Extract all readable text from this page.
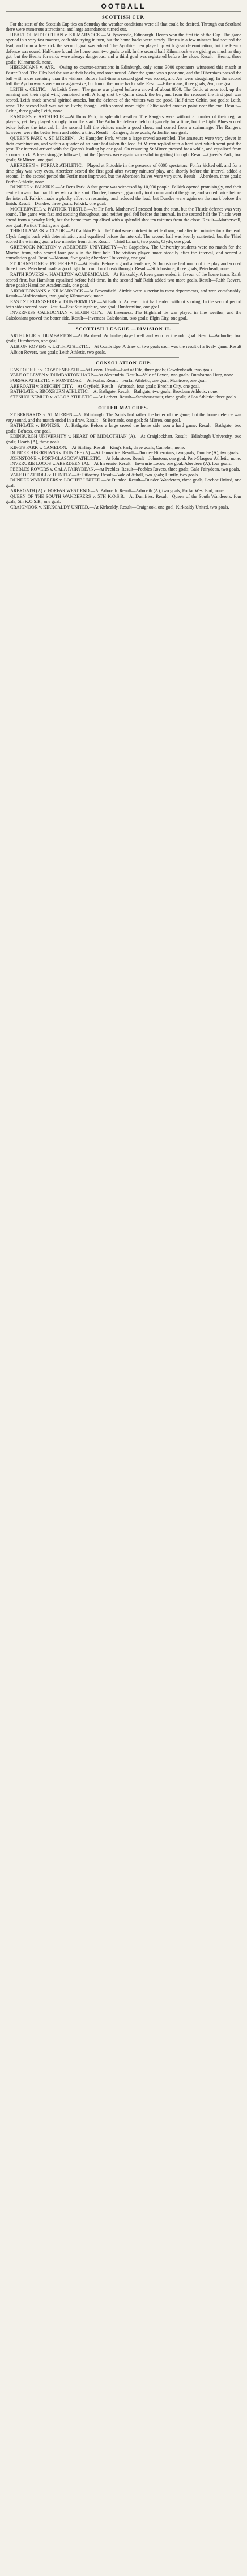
OOTBALL
SCOTTISH CUP.

For the start of the Scottish Cup ties on Saturday the weather conditions were all that could be desired. Through out Scotland there were numerous attractions, and large attendances turned out.

HEART OF MIDLOTHIAN v. KILMARNOCK.—At Tynecastle, Edinburgh. Hearts won the first tie of the Cup. The game opened in a very fast manner, each side trying in turn, but the home backs were steady. Hearts in a few minutes had secured the lead, and from a free kick the second goal was added. The Ayrshire men played up with great determination, but the Hearts defence was sound. Half-time found the home team two goals to nil. In the second half Kilmarnock were giving as much as they got, but the Hearts forwards were always dangerous, and a third goal was registered before the close. Result—Hearts, three goals; Kilmarnock, none.

HIBERNIANS v. AYR.—Owing to counter-attractions in Edinburgh, only some 3000 spectators witnessed this match at Easter Road. The Hibs had the sun at their backs, and soon netted. After the game was a poor one, and the Hibernians passed the ball with more certainty than the visitors. Before half-time a second goal was scored, and Ayr were struggling. In the second half the Ayr forwards were more aggressive, but found the home backs safe. Result—Hibernians, three goals; Ayr, one goal.

LEITH v. CELTIC.—At Leith Green. The game was played before a crowd of about 8000. The Celtic at once took up the running and their right wing combined well. A long shot by Quinn struck the bar, and from the rebound the first goal was scored. Leith made several spirited attacks, but the defence of the visitors was too good. Half-time: Celtic, two goals; Leith, none. The second half was not so lively, though Leith showed more fight. Celtic added another point near the end. Result—Celtic, three goals; Leith, none.

RANGERS v. ARTHURLIE.—At Ibrox Park, in splendid weather. The Rangers were without a number of their regular players, yet they played strongly from the start. The Arthurlie defence held out gamely for a time, but the Light Blues scored twice before the interval. In the second half the visitors made a good show, and scored from a scrimmage. The Rangers, however, were the better team and added a third. Result—Rangers, three goals; Arthurlie, one goal.

QUEEN'S PARK v. ST MIRREN.—At Hampden Park, where a large crowd assembled. The amateurs were very clever in their combination, and within a quarter of an hour had taken the lead. St Mirren replied with a hard shot which went past the post. The interval arrived with the Queen's leading by one goal. On resuming St Mirren pressed for a while, and equalised from a corner kick. A keen struggle followed, but the Queen's were again successful in getting through. Result—Queen's Park, two goals; St Mirren, one goal.

ABERDEEN v. FORFAR ATHLETIC.—Played at Pittodrie in the presence of 6000 spectators. Forfar kicked off, and for a time play was very even. Aberdeen scored the first goal after twenty minutes' play, and shortly before the interval added a second. In the second period the Forfar men improved, but the Aberdeen halves were very sure. Result—Aberdeen, three goals; Forfar Athletic, none.

DUNDEE v. FALKIRK.—At Dens Park. A fast game was witnessed by 10,000 people. Falkirk opened promisingly, and their centre forward had hard lines with a fine shot. Dundee, however, gradually took command of the game, and scored twice before the interval. Falkirk made a plucky effort on resuming, and reduced the lead, but Dundee were again on the mark before the finish. Result—Dundee, three goals; Falkirk, one goal.

MOTHERWELL v. PARTICK THISTLE.—At Fir Park. Motherwell pressed from the start, but the Thistle defence was very sound. The game was fast and exciting throughout, and neither goal fell before the interval. In the second half the Thistle went ahead from a penalty kick, but the home team equalised with a splendid shot ten minutes from the close. Result—Motherwell, one goal; Partick Thistle, one goal.

THIRD LANARK v. CLYDE.—At Cathkin Park. The Third were quickest to settle down, and after ten minutes took the lead. Clyde fought back with determination, and equalised before the interval. The second half was keenly contested, but the Third scored the winning goal a few minutes from time. Result—Third Lanark, two goals; Clyde, one goal.

GREENOCK MORTON v. ABERDEEN UNIVERSITY.—At Cappielow. The University students were no match for the Morton team, who scored four goals in the first half. The visitors played more steadily after the interval, and scored a consolation goal. Result—Morton, five goals; Aberdeen University, one goal.

ST JOHNSTONE v. PETERHEAD.—At Perth. Before a good attendance, St Johnstone had much of the play and scored three times. Peterhead made a good fight but could not break through. Result—St Johnstone, three goals; Peterhead, none.

RAITH ROVERS v. HAMILTON ACADEMICALS.—At Kirkcaldy. A keen game ended in favour of the home team. Raith scored first, but Hamilton equalised before half-time. In the second half Raith added two more goals. Result—Raith Rovers, three goals; Hamilton Academicals, one goal.

AIRDRIEONIANS v. KILMARNOCK.—At Broomfield. Airdrie were superior in most departments, and won comfortably. Result—Airdrieonians, two goals; Kilmarnock, none.

EAST STIRLINGSHIRE v. DUNFERMLINE.—At Falkirk. An even first half ended without scoring. In the second period both sides scored once. Result—East Stirlingshire, one goal; Dunfermline, one goal.

INVERNESS CALEDONIAN v. ELGIN CITY.—At Inverness. The Highland tie was played in fine weather, and the Caledonians proved the better side. Result—Inverness Caledonian, two goals; Elgin City, one goal.

SCOTTISH LEAGUE.—DIVISION II.

ARTHURLIE v. DUMBARTON.—At Barrhead. Arthurlie played well and won by the odd goal. Result—Arthurlie, two goals; Dumbarton, one goal.

ALBION ROVERS v. LEITH ATHLETIC.—At Coatbridge. A draw of two goals each was the result of a lively game. Result—Albion Rovers, two goals; Leith Athletic, two goals.

CONSOLATION CUP.

EAST OF FIFE v. COWDENBEATH.—At Leven. Result—East of Fife, three goals; Cowdenbeath, two goals.

VALE OF LEVEN v. DUMBARTON HARP.—At Alexandria. Result—Vale of Leven, two goals; Dumbarton Harp, none.

FORFAR ATHLETIC v. MONTROSE.—At Forfar. Result—Forfar Athletic, one goal; Montrose, one goal.

ARBROATH v. BRECHIN CITY.—At Gayfield. Result—Arbroath, four goals; Brechin City, one goal.

BATHGATE v. BROXBURN ATHLETIC.—At Bathgate. Result—Bathgate, two goals; Broxburn Athletic, none.

STENHOUSEMUIR v. ALLOA ATHLETIC.—At Larbert. Result—Stenhousemuir, three goals; Alloa Athletic, three goals.

OTHER MATCHES.

ST BERNARDS v. ST MIRREN.—At Edinburgh. The Saints had rather the better of the game, but the home defence was very sound, and the match ended in a draw. Result—St Bernards, one goal; St Mirren, one goal.

BATHGATE v. BO'NESS.—At Bathgate. Before a large crowd the home side won a hard game. Result—Bathgate, two goals; Bo'ness, one goal.

EDINBURGH UNIVERSITY v. HEART OF MIDLOTHIAN (A).—At Craiglockhart. Result—Edinburgh University, two goals; Hearts (A), three goals.

KING'S PARK v. CAMELON.—At Stirling. Result—King's Park, three goals; Camelon, none.

DUNDEE HIBERNIANS v. DUNDEE (A).—At Tannadice. Result—Dundee Hibernians, two goals; Dundee (A), two goals.

JOHNSTONE v. PORT-GLASGOW ATHLETIC.—At Johnstone. Result—Johnstone, one goal; Port-Glasgow Athletic, none.

INVERURIE LOCOS v. ABERDEEN (A).—At Inverurie. Result—Inverurie Locos, one goal; Aberdeen (A), four goals.

PEEBLES ROVERS v. GALA FAIRYDEAN.—At Peebles. Result—Peebles Rovers, three goals; Gala Fairydean, two goals.

VALE OF ATHOLL v. HUNTLY.—At Pitlochry. Result—Vale of Atholl, two goals; Huntly, two goals.

DUNDEE WANDERERS v. LOCHEE UNITED.—At Dundee. Result—Dundee Wanderers, three goals; Lochee United, one goal.

ARBROATH (A) v. FORFAR WEST END.—At Arbroath. Result—Arbroath (A), two goals; Forfar West End, none.

QUEEN OF THE SOUTH WANDERERS v. 5TH K.O.S.B.—At Dumfries. Result—Queen of the South Wanderers, four goals; 5th K.O.S.B., one goal.

CRAIGNOOK v. KIRKCALDY UNITED.—At Kirkcaldy. Result—Craignook, one goal; Kirkcaldy United, two goals.
